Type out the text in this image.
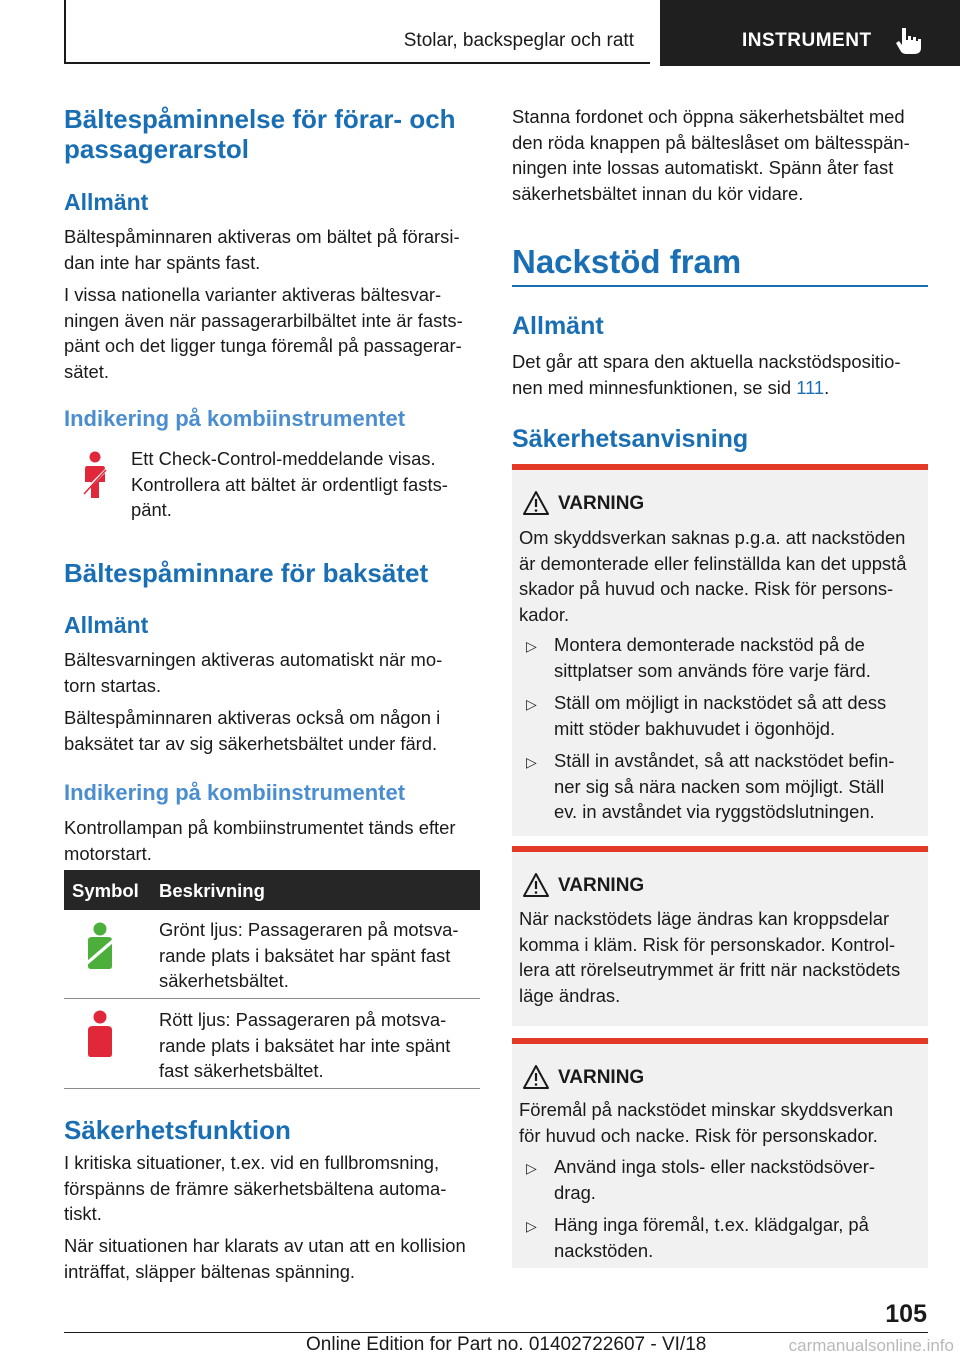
Stolar, backspeglar och ratt	INSTRUMENT
Bältespåminnelse för förar- och
passagerarstol
Allmänt
Bältespåminnaren aktiveras om bältet på förarsi-
dan inte har spänts fast.
I vissa nationella varianter aktiveras bältesvar-
ningen även när passagerarbilbältet inte är fasts-
pänt och det ligger tunga föremål på passagerar-
sätet.
Indikering på kombiinstrumentet
Ett Check-Control-meddelande visas.
Kontrollera att bältet är ordentligt fasts-
pänt.
Bältespåminnare för baksätet
Allmänt
Bältesvarningen aktiveras automatiskt när mo-
torn startas.
Bältespåminnaren aktiveras också om någon i
baksätet tar av sig säkerhetsbältet under färd.
Indikering på kombiinstrumentet
Kontrollampan på kombiinstrumentet tänds efter
motorstart.
Symbol Beskrivning
Grönt ljus: Passageraren på motsva-
rande plats i baksätet har spänt fast
säkerhetsbältet.
Rött ljus: Passageraren på motsva-
rande plats i baksätet har inte spänt
fast säkerhetsbältet.
Säkerhetsfunktion
I kritiska situationer, t.ex. vid en fullbromsning,
förspänns de främre säkerhetsbältena automa-
tiskt.
När situationen har klarats av utan att en kollision
inträffat, släpper bältenas spänning.
Stanna fordonet och öppna säkerhetsbältet med
den röda knappen på bälteslåset om bältesspän-
ningen inte lossas automatiskt. Spänn åter fast
säkerhetsbältet innan du kör vidare.
Nackstöd fram
Allmänt
Det går att spara den aktuella nackstödspositio-
nen med minnesfunktionen, se sid 111.
Säkerhetsanvisning
VARNING
Om skyddsverkan saknas p.g.a. att nackstöden
är demonterade eller felinställda kan det uppstå
skador på huvud och nacke. Risk för persons-
kador.
▷ Montera demonterade nackstöd på de
sittplatser som används före varje färd.
▷ Ställ om möjligt in nackstödet så att dess
mitt stöder bakhuvudet i ögonhöjd.
▷ Ställ in avståndet, så att nackstödet befin-
ner sig så nära nacken som möjligt. Ställ
ev. in avståndet via ryggstödslutningen.
VARNING
När nackstödets läge ändras kan kroppsdelar
komma i kläm. Risk för personskador. Kontrol-
lera att rörelseutrymmet är fritt när nackstödets
läge ändras.
VARNING
Föremål på nackstödet minskar skyddsverkan
för huvud och nacke. Risk för personskador.
▷ Använd inga stols- eller nackstödsöver-
drag.
▷ Häng inga föremål, t.ex. klädgalgar, på
nackstöden.
105
Online Edition for Part no. 01402722607 - VI/18	carmanualsonline.info
